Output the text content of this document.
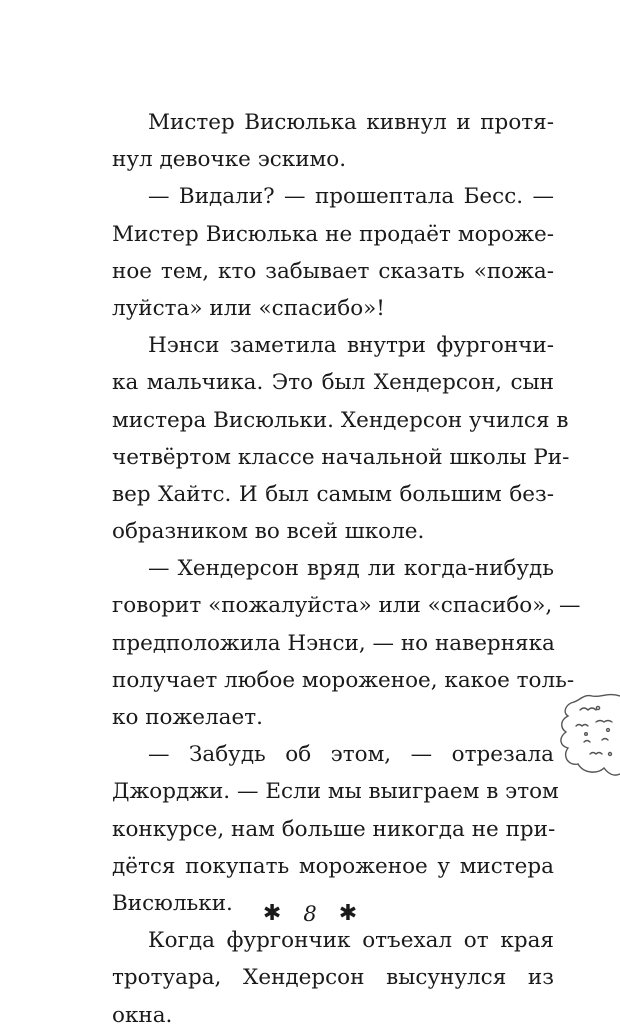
Мистер Висюлька кивнул и протя-
нул девочке эскимо.
— Видали? — прошептала Бесс. —
Мистер Висюлька не продаёт мороже-
ное тем, кто забывает сказать «пожа-
луйста» или «спасибо»!
Нэнси заметила внутри фургончи-
ка мальчика. Это был Хендерсон, сын
мистера Висюльки. Хендерсон учился в
четвёртом классе начальной школы Ри-
вер Хайтс. И был самым большим без-
образником во всей школе.
— Хендерсон вряд ли когда-нибудь
говорит «пожалуйста» или «спасибо», —
предположила Нэнси, — но наверняка
получает любое мороженое, какое толь-
ко пожелает.
— Забудь об этом, — отрезала
Джорджи. — Если мы выиграем в этом
конкурсе, нам больше никогда не при-
дётся покупать мороженое у мистера
Висюльки.
Когда фургончик отъехал от края
тротуара, Хендерсон высунулся из
окна.
✱ 8 ✱
